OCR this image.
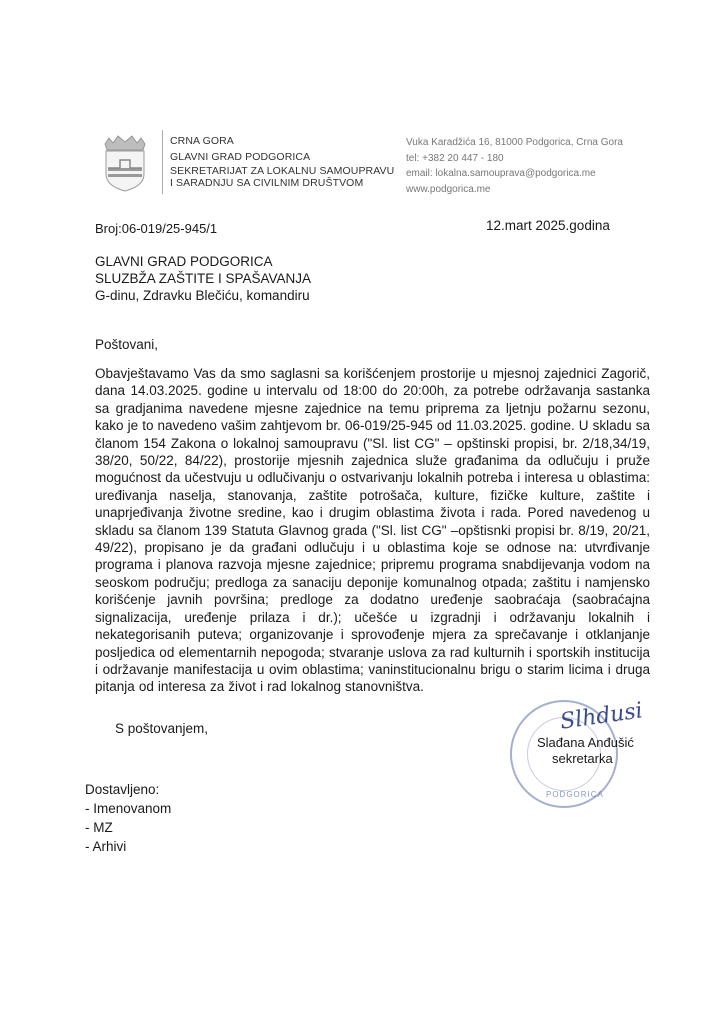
CRNA GORA
GLAVNI GRAD PODGORICA
SEKRETARIJAT ZA LOKALNU SAMOUPRAVU
I SARADNJU SA CIVILNIM DRUŠTVOM
Vuka Karadžića 16, 81000 Podgorica, Crna Gora
tel: +382 20 447 - 180
email: lokalna.samouprava@podgorica.me
www.podgorica.me
Broj:06-019/25-945/1	12.mart 2025.godina
GLAVNI GRAD PODGORICA
SLUZBŽA ZAŠTITE I SPAŠAVANJA
G-dinu, Zdravku Blečiću, komandiru
Poštovani,
Obavještavamo Vas da smo saglasni sa korišćenjem prostorije u mjesnoj zajednici Zagorič, dana 14.03.2025. godine u intervalu od 18:00 do 20:00h, za potrebe održavanja sastanka sa gradjanima navedene mjesne zajednice na temu priprema za ljetnju požarnu sezonu, kako je to navedeno vašim zahtjevom br. 06-019/25-945 od 11.03.2025. godine. U skladu sa članom 154 Zakona o lokalnoj samoupravu ("Sl. list CG" – opštinski propisi, br. 2/18,34/19, 38/20, 50/22, 84/22), prostorije mjesnih zajednica služe građanima da odlučuju i pruže mogućnost da učestvuju u odlučivanju o ostvarivanju lokalnih potreba i interesa u oblastima: uređivanja naselja, stanovanja, zaštite potrošača, kulture, fizičke kulture, zaštite i unaprjeđivanja životne sredine, kao i drugim oblastima života i rada. Pored navedenog u skladu sa članom 139 Statuta Glavnog grada ("Sl. list CG" –opštisnki propisi br. 8/19, 20/21, 49/22), propisano je da građani odlučuju i u oblastima koje se odnose na: utvrđivanje programa i planova razvoja mjesne zajednice; pripremu programa snabdijevanja vodom na seoskom području; predloga za sanaciju deponije komunalnog otpada; zaštitu i namjensko korišćenje javnih površina; predloge za dodatno uređenje saobraćaja (saobraćajna signalizacija, uređenje prilaza i dr.); učešće u izgradnji i održavanju lokalnih i nekategorisanih puteva; organizovanje i sprovođenje mjera za sprečavanje i otklanjanje posljedica od elementarnih nepogoda; stvaranje uslova za rad kulturnih i sportskih institucija i održavanje manifestacija u ovim oblastima; vaninstitucionalnu brigu o starim licima i druga pitanja od interesa za život i rad lokalnog stanovništva.
S poštovanjem,
PODGORICA
Slhdusi
Slađana Anđušić
sekretarka
Dostavljeno:
- Imenovanom
- MZ
- Arhivi
